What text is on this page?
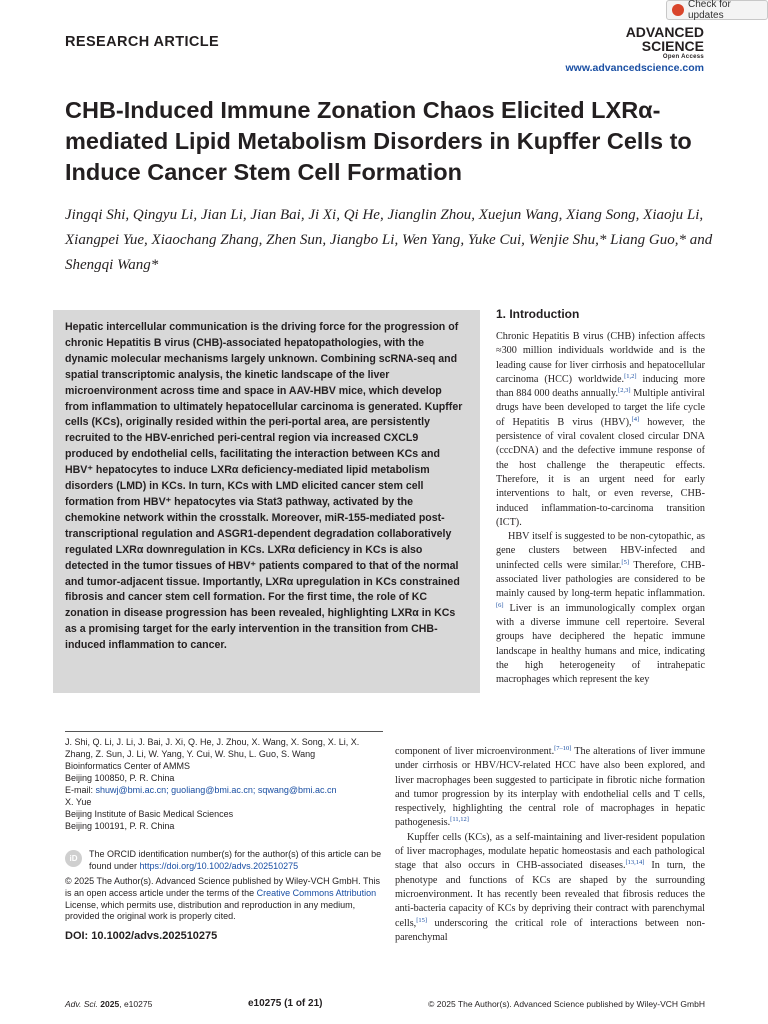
Check for updates
RESEARCH ARTICLE
ADVANCED
SCIENCE
Open Access
www.advancedscience.com
CHB-Induced Immune Zonation Chaos Elicited LXRα-mediated Lipid Metabolism Disorders in Kupffer Cells to Induce Cancer Stem Cell Formation
Jingqi Shi, Qingyu Li, Jian Li, Jian Bai, Ji Xi, Qi He, Jianglin Zhou, Xuejun Wang, Xiang Song, Xiaoju Li, Xiangpei Yue, Xiaochang Zhang, Zhen Sun, Jiangbo Li, Wen Yang, Yuke Cui, Wenjie Shu,* Liang Guo,* and Shengqi Wang*
Hepatic intercellular communication is the driving force for the progression of chronic Hepatitis B virus (CHB)-associated hepatopathologies, with the dynamic molecular mechanisms largely unknown. Combining scRNA-seq and spatial transcriptomic analysis, the kinetic landscape of the liver microenvironment across time and space in AAV-HBV mice, which develop from inflammation to ultimately hepatocellular carcinoma is generated. Kupffer cells (KCs), originally resided within the peri-portal area, are persistently recruited to the HBV-enriched peri-central region via increased CXCL9 produced by endothelial cells, facilitating the interaction between KCs and HBV⁺ hepatocytes to induce LXRα deficiency-mediated lipid metabolism disorders (LMD) in KCs. In turn, KCs with LMD elicited cancer stem cell formation from HBV⁺ hepatocytes via Stat3 pathway, activated by the chemokine network within the crosstalk. Moreover, miR-155-mediated post-transcriptional regulation and ASGR1-dependent degradation collaboratively regulated LXRα downregulation in KCs. LXRα deficiency in KCs is also detected in the tumor tissues of HBV⁺ patients compared to that of the normal and tumor-adjacent tissue. Importantly, LXRα upregulation in KCs constrained fibrosis and cancer stem cell formation. For the first time, the role of KC zonation in disease progression has been revealed, highlighting LXRα in KCs as a promising target for the early intervention in the transition from CHB-induced inflammation to cancer.
J. Shi, Q. Li, J. Li, J. Bai, J. Xi, Q. He, J. Zhou, X. Wang, X. Song, X. Li, X. Zhang, Z. Sun, J. Li, W. Yang, Y. Cui, W. Shu, L. Guo, S. Wang
Bioinformatics Center of AMMS
Beijing 100850, P. R. China
E-mail: shuwj@bmi.ac.cn; guoliang@bmi.ac.cn; sqwang@bmi.ac.cn
X. Yue
Beijing Institute of Basic Medical Sciences
Beijing 100191, P. R. China
iD	The ORCID identification number(s) for the author(s) of this article can be found under https://doi.org/10.1002/advs.202510275
© 2025 The Author(s). Advanced Science published by Wiley-VCH GmbH. This is an open access article under the terms of the Creative Commons Attribution License, which permits use, distribution and reproduction in any medium, provided the original work is properly cited.
DOI: 10.1002/advs.202510275
1. Introduction

Chronic Hepatitis B virus (CHB) infection affects ≈300 million individuals worldwide and is the leading cause for liver cirrhosis and hepatocellular carcinoma (HCC) worldwide.[1,2] inducing more than 884 000 deaths annually.[2,3] Multiple antiviral drugs have been developed to target the life cycle of Hepatitis B virus (HBV),[4] however, the persistence of viral covalent closed circular DNA (cccDNA) and the defective immune response of the host challenge the therapeutic effects. Therefore, it is an urgent need for early interventions to halt, or even reverse, CHB-induced inflammation-to-carcinoma transition (ICT).

HBV itself is suggested to be non-cytopathic, as gene clusters between HBV-infected and uninfected cells were similar.[5] Therefore, CHB-associated liver pathologies are considered to be mainly caused by long-term hepatic inflammation.[6] Liver is an immunologically complex organ with a diverse immune cell repertoire. Several groups have deciphered the hepatic immune landscape in healthy humans and mice, indicating the high heterogeneity of intrahepatic macrophages which represent the key

component of liver microenvironment.[7–10] The alterations of liver immune under cirrhosis or HBV/HCV-related HCC have also been explored, and liver macrophages been suggested to participate in fibrotic niche formation and tumor progression by its interplay with endothelial cells and T cells, respectively, highlighting the central role of macrophages in hepatic pathogenesis.[11,12]

Kupffer cells (KCs), as a self-maintaining and liver-resident population of liver macrophages, modulate hepatic homeostasis and each pathological stage that also occurs in CHB-associated diseases.[13,14] In turn, the phenotype and functions of KCs are shaped by the surrounding microenvironment. It has recently been revealed that fibrosis reduces the anti-bacteria capacity of KCs by depriving their contract with parenchymal cells,[15] underscoring the critical role of interactions between non-parenchymal

Adv. Sci. 2025, e10275	e10275 (1 of 21)	© 2025 The Author(s). Advanced Science published by Wiley-VCH GmbH
